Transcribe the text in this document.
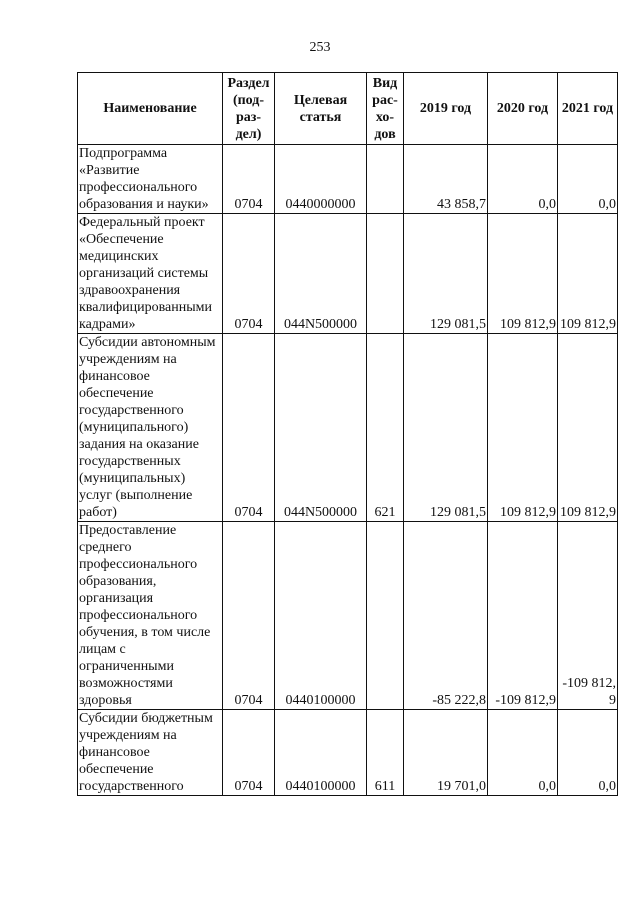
253
Наименование	Раздел (под-раз-дел)	Целевая статья	Вид рас-хо-дов	2019 год	2020 год	2021 год
Подпрограмма «Развитие профессионального образования и науки»	0704	0440000000		43 858,7	0,0	0,0
Федеральный проект «Обеспечение медицинских организаций системы здравоохранения квалифицированными кадрами»	0704	044N500000		129 081,5	109 812,9	109 812,9
Субсидии автономным учреждениям на финансовое обеспечение государственного (муниципального) задания на оказание государственных (муниципальных) услуг (выполнение работ)	0704	044N500000	621	129 081,5	109 812,9	109 812,9
Предоставление среднего профессионального образования, организация профессионального обучения, в том числе лицам с ограниченными возможностями здоровья	0704	0440100000		-85 222,8	-109 812,9	-109 812,9
Субсидии бюджетным учреждениям на финансовое обеспечение государственного	0704	0440100000	611	19 701,0	0,0	0,0
